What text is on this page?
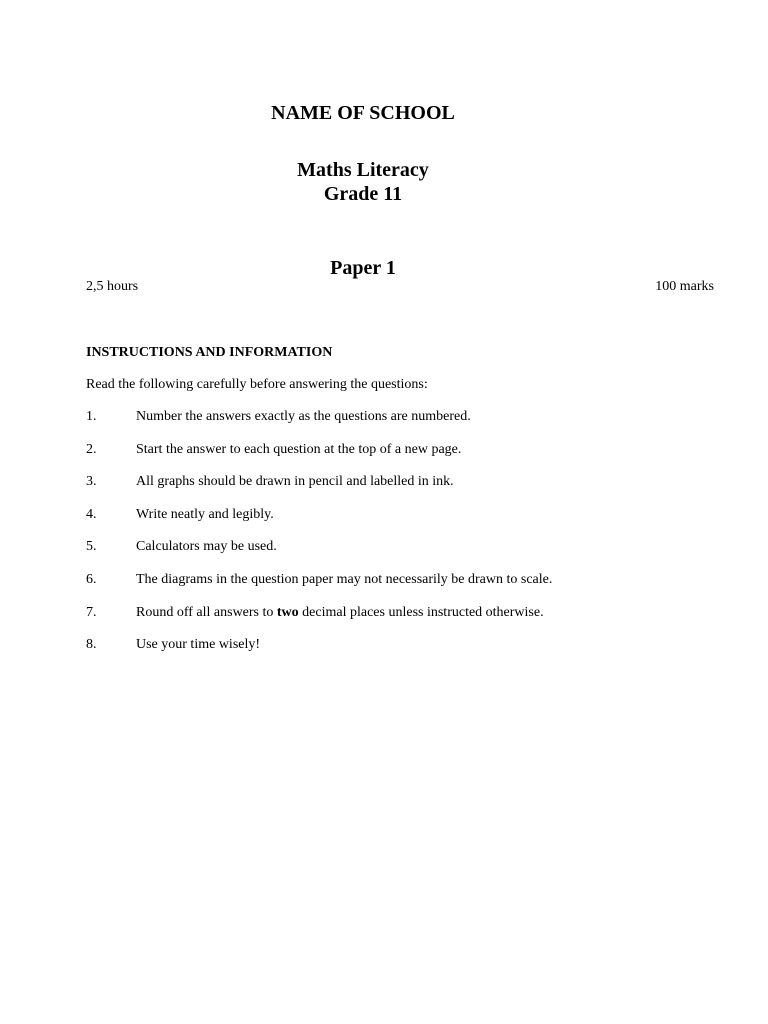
NAME OF SCHOOL
Maths Literacy
Grade 11
Paper 1
2,5 hours	100 marks
INSTRUCTIONS AND INFORMATION
Read the following carefully before answering the questions:
1.	Number the answers exactly as the questions are numbered.
2.	Start the answer to each question at the top of a new page.
3.	All graphs should be drawn in pencil and labelled in ink.
4.	Write neatly and legibly.
5.	Calculators may be used.
6.	The diagrams in the question paper may not necessarily be drawn to scale.
7.	Round off all answers to two decimal places unless instructed otherwise.
8.	Use your time wisely!
